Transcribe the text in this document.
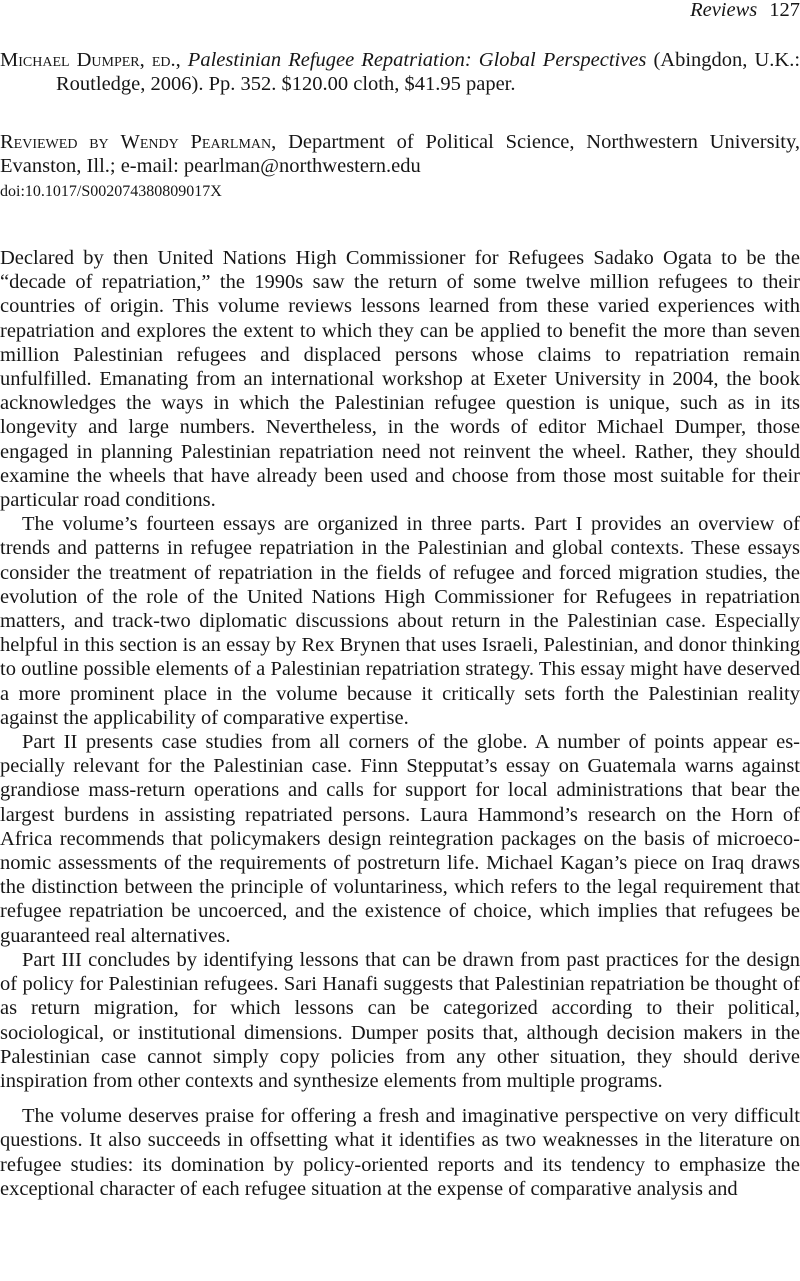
Reviews 127
Michael Dumper, ed., Palestinian Refugee Repatriation: Global Perspectives (Abingdon, U.K.: Routledge, 2006). Pp. 352. $120.00 cloth, $41.95 paper.
Reviewed by Wendy Pearlman, Department of Political Science, Northwestern University, Evanston, Ill.; e-mail: pearlman@northwestern.edu
doi:10.1017/S002074380809017X

Declared by then United Nations High Commissioner for Refugees Sadako Ogata to be the “decade of repatriation,” the 1990s saw the return of some twelve million refugees to their countries of origin. This volume reviews lessons learned from these varied experiences with repatriation and explores the extent to which they can be applied to benefit the more than seven million Palestinian refugees and displaced persons whose claims to repatriation remain unfulfilled. Emanating from an international workshop at Exeter University in 2004, the book acknowledges the ways in which the Palestinian refugee question is unique, such as in its longevity and large numbers. Nevertheless, in the words of editor Michael Dumper, those engaged in planning Palestinian repatriation need not reinvent the wheel. Rather, they should examine the wheels that have already been used and choose from those most suitable for their particular road conditions.

The volume’s fourteen essays are organized in three parts. Part I provides an overview of trends and patterns in refugee repatriation in the Palestinian and global contexts. These essays consider the treatment of repatriation in the fields of refugee and forced migration studies, the evolution of the role of the United Nations High Commissioner for Refugees in repatriation matters, and track-two diplomatic discussions about return in the Palestinian case. Especially helpful in this section is an essay by Rex Brynen that uses Israeli, Palestinian, and donor thinking to outline possible elements of a Palestinian repatriation strategy. This essay might have deserved a more prominent place in the volume because it critically sets forth the Palestinian reality against the applicability of comparative expertise.

Part II presents case studies from all corners of the globe. A number of points appear especially relevant for the Palestinian case. Finn Stepputat’s essay on Guatemala warns against grandiose mass-return operations and calls for support for local administrations that bear the largest burdens in assisting repatriated persons. Laura Hammond’s research on the Horn of Africa recommends that policymakers design reintegration packages on the basis of microeconomic assessments of the requirements of postreturn life. Michael Kagan’s piece on Iraq draws the distinction between the principle of voluntariness, which refers to the legal requirement that refugee repatriation be uncoerced, and the existence of choice, which implies that refugees be guaranteed real alternatives.

Part III concludes by identifying lessons that can be drawn from past practices for the design of policy for Palestinian refugees. Sari Hanafi suggests that Palestinian repatriation be thought of as return migration, for which lessons can be categorized according to their political, sociological, or institutional dimensions. Dumper posits that, although decision makers in the Palestinian case cannot simply copy policies from any other situation, they should derive inspiration from other contexts and synthesize elements from multiple programs.

The volume deserves praise for offering a fresh and imaginative perspective on very difficult questions. It also succeeds in offsetting what it identifies as two weaknesses in the literature on refugee studies: its domination by policy-oriented reports and its tendency to emphasize the exceptional character of each refugee situation at the expense of comparative analysis and
